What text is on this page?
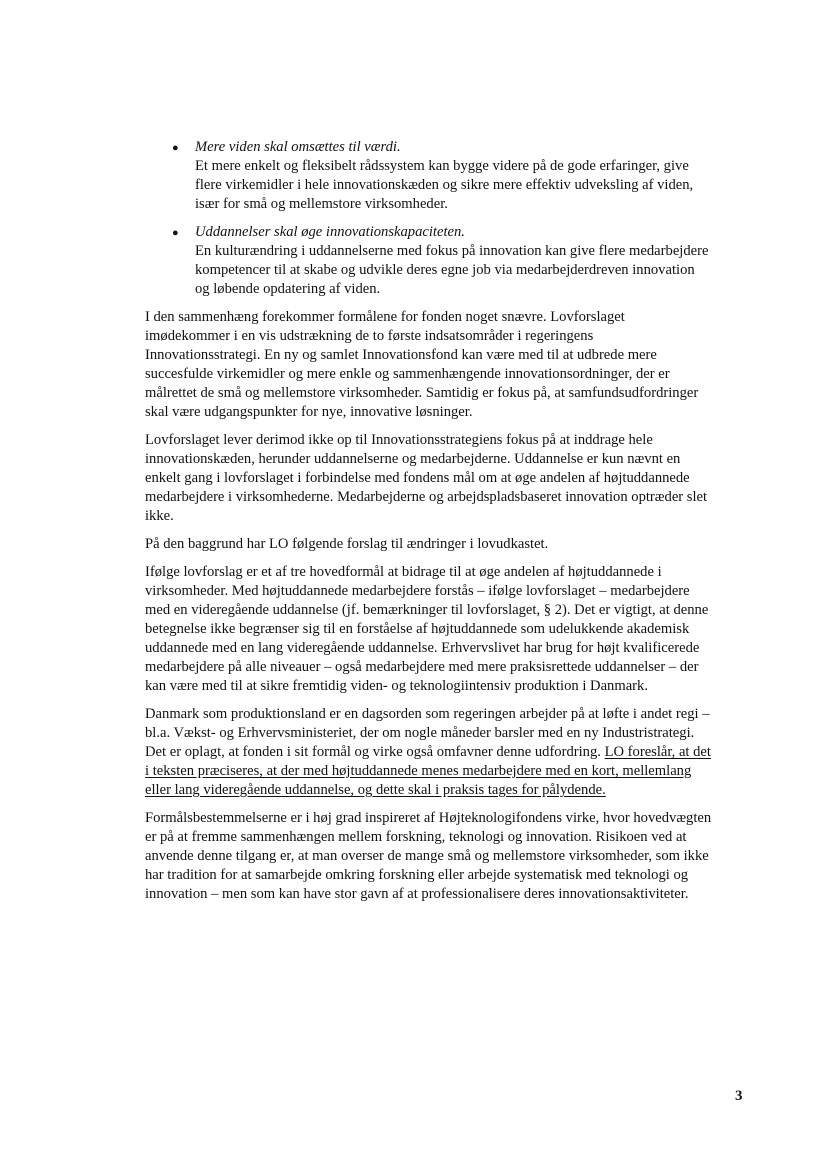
● Mere viden skal omsættes til værdi.
Et mere enkelt og fleksibelt rådssystem kan bygge videre på de gode erfaringer, give flere virkemidler i hele innovationskæden og sikre mere effektiv udveksling af viden, især for små og mellemstore virksomheder.
● Uddannelser skal øge innovationskapaciteten.
En kulturændring i uddannelserne med fokus på innovation kan give flere medarbejdere kompetencer til at skabe og udvikle deres egne job via medarbejderdreven innovation og løbende opdatering af viden.

I den sammenhæng forekommer formålene for fonden noget snævre. Lovforslaget imødekommer i en vis udstrækning de to første indsatsområder i regeringens Innovationsstrategi. En ny og samlet Innovationsfond kan være med til at udbrede mere succesfulde virkemidler og mere enkle og sammenhængende innovationsordninger, der er målrettet de små og mellemstore virksomheder. Samtidig er fokus på, at samfundsudfordringer skal være udgangspunkter for nye, innovative løsninger.

Lovforslaget lever derimod ikke op til Innovationsstrategiens fokus på at inddrage hele innovationskæden, herunder uddannelserne og medarbejderne. Uddannelse er kun nævnt en enkelt gang i lovforslaget i forbindelse med fondens mål om at øge andelen af højtuddannede medarbejdere i virksomhederne. Medarbejderne og arbejdspladsbaseret innovation optræder slet ikke.

På den baggrund har LO følgende forslag til ændringer i lovudkastet.

Ifølge lovforslag er et af tre hovedformål at bidrage til at øge andelen af højtuddannede i virksomheder. Med højtuddannede medarbejdere forstås – ifølge lovforslaget – medarbejdere med en videregående uddannelse (jf. bemærkninger til lovforslaget, § 2). Det er vigtigt, at denne betegnelse ikke begrænser sig til en forståelse af højtuddannede som udelukkende akademisk uddannede med en lang videregående uddannelse. Erhvervslivet har brug for højt kvalificerede medarbejdere på alle niveauer – også medarbejdere med mere praksisrettede uddannelser – der kan være med til at sikre fremtidig viden- og teknologiintensiv produktion i Danmark.

Danmark som produktionsland er en dagsorden som regeringen arbejder på at løfte i andet regi – bl.a. Vækst- og Erhvervsministeriet, der om nogle måneder barsler med en ny Industristrategi. Det er oplagt, at fonden i sit formål og virke også omfavner denne udfordring. LO foreslår, at det i teksten præciseres, at der med højtuddannede menes medarbejdere med en kort, mellemlang eller lang videregående uddannelse, og dette skal i praksis tages for pålydende.

Formålsbestemmelserne er i høj grad inspireret af Højteknologifondens virke, hvor hovedvægten er på at fremme sammenhængen mellem forskning, teknologi og innovation. Risikoen ved at anvende denne tilgang er, at man overser de mange små og mellemstore virksomheder, som ikke har tradition for at samarbejde omkring forskning eller arbejde systematisk med teknologi og innovation – men som kan have stor gavn af at professionalisere deres innovationsaktiviteter.

3
